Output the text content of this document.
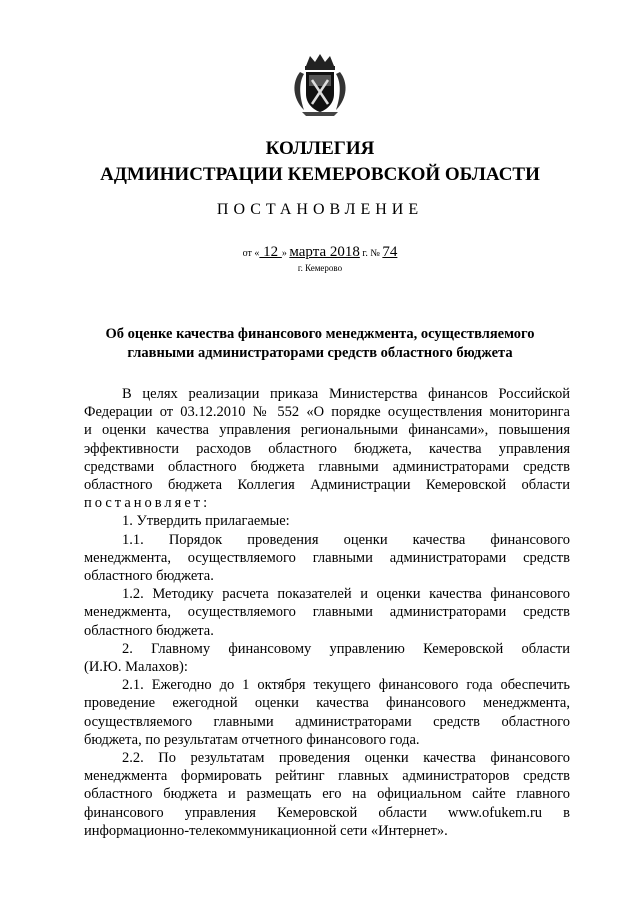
КОЛЛЕГИЯ
АДМИНИСТРАЦИИ КЕМЕРОВСКОЙ ОБЛАСТИ
ПОСТАНОВЛЕНИЕ
от « 12 » марта 2018 г. № 74
г. Кемерово
Об оценке качества финансового менеджмента, осуществляемого
главными администраторами средств областного бюджета

В целях реализации приказа Министерства финансов Российской

Федерации от 03.12.2010 № 552 «О порядке осуществления мониторинга

и оценки качества управления региональными финансами», повышения

эффективности расходов областного бюджета, качества управления

средствами областного бюджета главными администраторами средств

областного бюджета Коллегия Администрации Кемеровской области

постановляет:

1. Утвердить прилагаемые:

1.1. Порядок проведения оценки качества финансового

менеджмента, осуществляемого главными администраторами средств

областного бюджета.

1.2. Методику расчета показателей и оценки качества финансового

менеджмента, осуществляемого главными администраторами средств

областного бюджета.

2. Главному финансовому управлению Кемеровской области

(И.Ю. Малахов):

2.1. Ежегодно до 1 октября текущего финансового года обеспечить

проведение ежегодной оценки качества финансового менеджмента,

осуществляемого главными администраторами средств областного

бюджета, по результатам отчетного финансового года.

2.2. По результатам проведения оценки качества финансового

менеджмента формировать рейтинг главных администраторов средств

областного бюджета и размещать его на официальном сайте главного

финансового управления Кемеровской области www.ofukem.ru в

информационно-телекоммуникационной сети «Интернет».
